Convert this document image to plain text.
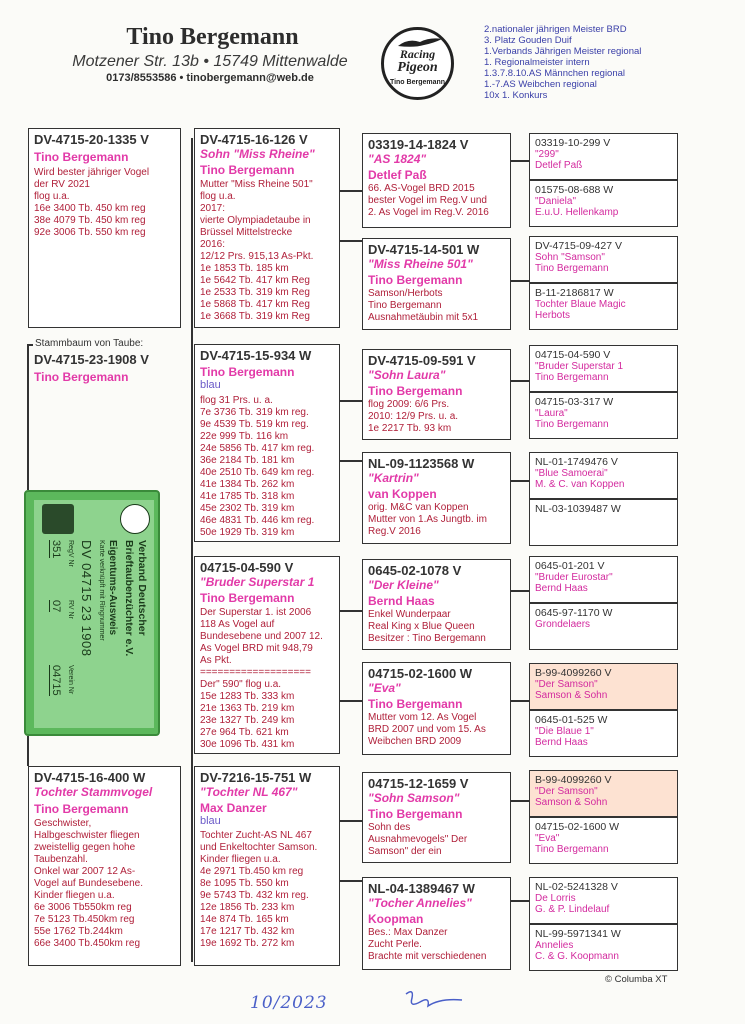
Tino Bergemann
Motzener Str. 13b • 15749 Mittenwalde
0173/8553586 • tinobergemann@web.de
Racing
Pigeon
Tino Bergemann
2.nationaler jährigen Meister BRD
3. Platz Gouden Duif
1.Verbands Jährigen Meister regional
1. Regionalmeister intern
1.3.7.8.10.AS Männchen regional
1.-7.AS Weibchen regional
10x 1. Konkurs
DV-4715-20-1335 V
Tino Bergemann
Wird bester jähriger Vogel
der RV 2021
flog u.a.
16e 3400 Tb. 450 km reg
38e 4079 Tb. 450 km reg
92e 3006 Tb. 550 km reg
Stammbaum von Taube:
DV-4715-23-1908 V
Tino Bergemann
Verband Deutscher
Brieftaubenzüchter e.V.
Eigentums-Ausweis
Karte verknüpft mit Ringnummer
DV 04715 23 1908
RegV Nr
RV Nr
Verein Nr
351
07
04715
DV-4715-16-400 W
Tochter Stammvogel
Tino Bergemann
Geschwister,
Halbgeschwister fliegen
zweistellig gegen hohe
Taubenzahl.
Onkel war 2007 12 As-
Vogel auf Bundesebene.
Kinder fliegen u.a.
6e 3006 Tb550km reg
7e 5123 Tb.450km reg
55e 1762 Tb.244km
66e 3400 Tb.450km reg
DV-4715-16-126 V
Sohn "Miss Rheine"
Tino Bergemann
Mutter "Miss Rheine 501"
flog u.a.
2017:
vierte Olympiadetaube in
Brüssel Mittelstrecke
2016:
12/12 Prs. 915,13 As-Pkt.
1e 1853 Tb. 185 km
1e 5642 Tb. 417 km Reg
1e 2533 Tb. 319 km Reg
1e 5868 Tb. 417 km Reg
1e 3668 Tb. 319 km Reg
DV-4715-15-934 W
Tino Bergemann
blau
flog 31 Prs. u. a.
7e 3736 Tb. 319 km reg.
9e 4539 Tb. 519 km reg.
22e 999 Tb. 116 km
24e 5856 Tb. 417 km reg.
36e 2184 Tb. 181 km
40e 2510 Tb. 649 km reg.
41e 1384 Tb. 262 km
41e 1785 Tb. 318 km
45e 2302 Tb. 319 km
46e 4831 Tb. 446 km reg.
50e 1929 Tb. 319 km
04715-04-590 V
"Bruder Superstar 1
Tino Bergemann
Der Superstar 1. ist 2006
118 As Vogel auf
Bundesebene und 2007 12.
As Vogel BRD mit 948,79
As Pkt.
===================
Der" 590" flog u.a.
15e 1283 Tb. 333 km
21e 1363 Tb. 219 km
23e 1327 Tb. 249 km
27e 964 Tb. 621 km
30e 1096 Tb. 431 km
DV-7216-15-751 W
"Tochter NL 467"
Max Danzer
blau
Tochter Zucht-AS NL 467
und Enkeltochter Samson.
Kinder fliegen u.a.
4e 2971 Tb.450 km reg
8e 1095 Tb. 550 km
9e 5743 Tb. 432 km reg.
12e 1856 Tb. 233 km
14e 874 Tb. 165 km
17e 1217 Tb. 432 km
19e 1692 Tb. 272 km
03319-14-1824 V
"AS 1824"
Detlef Paß
66. AS-Vogel BRD 2015
bester Vogel im Reg.V und
2. As Vogel im Reg.V. 2016
DV-4715-14-501 W
"Miss Rheine 501"
Tino Bergemann
Samson/Herbots
Tino Bergemann
Ausnahmetäubin mit 5x1
DV-4715-09-591 V
"Sohn Laura"
Tino Bergemann
flog 2009: 6/6 Prs.
2010: 12/9 Prs. u. a.
1e 2217 Tb. 93 km
NL-09-1123568 W
"Kartrin"
van Koppen
orig. M&C van Koppen
Mutter von 1.As Jungtb. im
Reg.V 2016
0645-02-1078 V
"Der Kleine"
Bernd Haas
Enkel Wunderpaar
Real King x Blue Queen
Besitzer : Tino Bergemann
04715-02-1600 W
"Eva"
Tino Bergemann
Mutter vom 12. As Vogel
BRD 2007 und vom 15. As
Weibchen BRD 2009
04715-12-1659 V
"Sohn Samson"
Tino Bergemann
Sohn des
Ausnahmevogels" Der
Samson" der ein
NL-04-1389467 W
"Tocher Annelies"
Koopman
Bes.: Max Danzer
Zucht Perle.
Brachte mit verschiedenen
03319-10-299 V
"299"
Detlef Paß
01575-08-688 W
"Daniela"
E.u.U. Hellenkamp
DV-4715-09-427 V
Sohn "Samson"
Tino Bergemann
B-11-2186817 W
Tochter Blaue Magic
Herbots
04715-04-590 V
"Bruder Superstar 1
Tino Bergemann
04715-03-317 W
"Laura"
Tino Bergemann
NL-01-1749476 V
"Blue Samoerai"
M. & C. van Koppen
NL-03-1039487 W
0645-01-201 V
"Bruder Eurostar"
Bernd Haas
0645-97-1170 W
Grondelaers
B-99-4099260 V
"Der Samson"
Samson & Sohn
0645-01-525 W
"Die Blaue 1"
Bernd Haas
B-99-4099260 V
"Der Samson"
Samson & Sohn
04715-02-1600 W
"Eva"
Tino Bergemann
NL-02-5241328 V
De Lorris
G. & P. Lindelauf
NL-99-5971341 W
Annelies
C. & G. Koopmann
© Columba XT
10/2023
